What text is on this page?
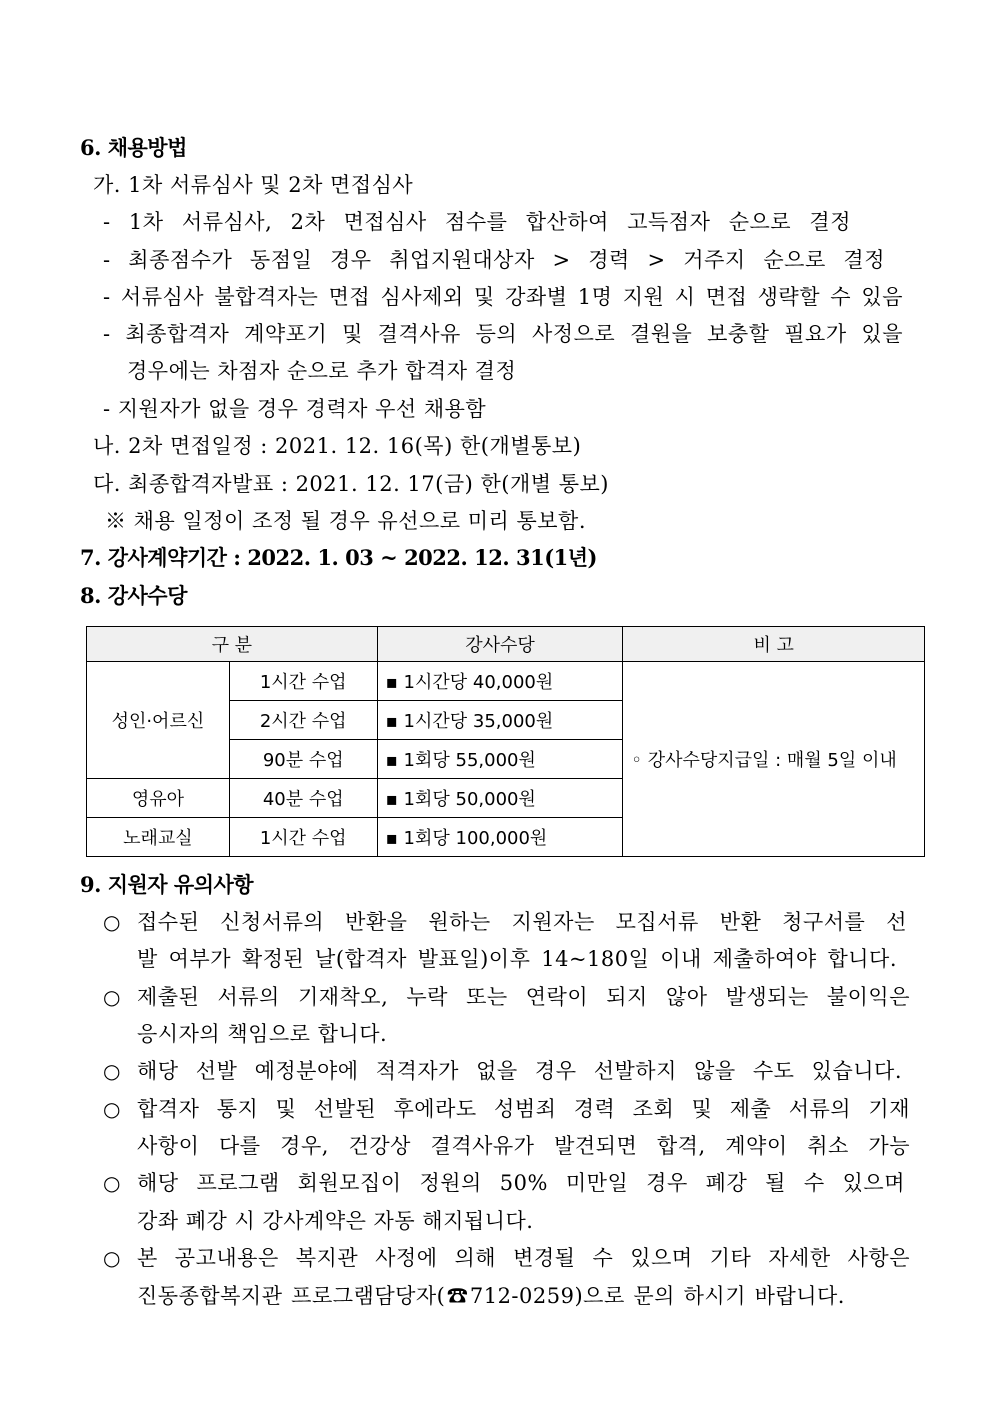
6. 채용방법
가. 1차 서류심사 및 2차 면접심사
- 1차 서류심사, 2차 면접심사 점수를 합산하여 고득점자 순으로 결정
- 최종점수가 동점일 경우 취업지원대상자 > 경력 > 거주지 순으로 결정
- 서류심사 불합격자는 면접 심사제외 및 강좌별 1명 지원 시 면접 생략할 수 있음
- 최종합격자 계약포기 및 결격사유 등의 사정으로 결원을 보충할 필요가 있을
경우에는 차점자 순으로 추가 합격자 결정
- 지원자가 없을 경우 경력자 우선 채용함
나. 2차 면접일정 : 2021. 12. 16(목) 한(개별통보)
다. 최종합격자발표 : 2021. 12. 17(금) 한(개별 통보)
※ 채용 일정이 조정 될 경우 유선으로 미리 통보함.
7. 강사계약기간 : 2022. 1. 03 ~ 2022. 12. 31(1년)
8. 강사수당
구 분		강사수당	비 고
성인·어르신	1시간 수업	▪ 1시간당 40,000원	◦ 강사수당지급일 : 매월 5일 이내
	2시간 수업	▪ 1시간당 35,000원	
	90분 수업	▪ 1회당 55,000원	
영유아	40분 수업	▪ 1회당 50,000원	
노래교실	1시간 수업	▪ 1회당 100,000원	
9. 지원자 유의사항
○ 접수된 신청서류의 반환을 원하는 지원자는 모집서류 반환 청구서를 선
발 여부가 확정된 날(합격자 발표일)이후 14~180일 이내 제출하여야 합니다.
○ 제출된 서류의 기재착오, 누락 또는 연락이 되지 않아 발생되는 불이익은
응시자의 책임으로 합니다.
○ 해당 선발 예정분야에 적격자가 없을 경우 선발하지 않을 수도 있습니다.
○ 합격자 통지 및 선발된 후에라도 성범죄 경력 조회 및 제출 서류의 기재
사항이 다를 경우, 건강상 결격사유가 발견되면 합격, 계약이 취소 가능
○ 해당 프로그램 회원모집이 정원의 50% 미만일 경우 폐강 될 수 있으며
강좌 폐강 시 강사계약은 자동 해지됩니다.
○ 본 공고내용은 복지관 사정에 의해 변경될 수 있으며 기타 자세한 사항은
진동종합복지관 프로그램담당자(☎712-0259)으로 문의 하시기 바랍니다.
